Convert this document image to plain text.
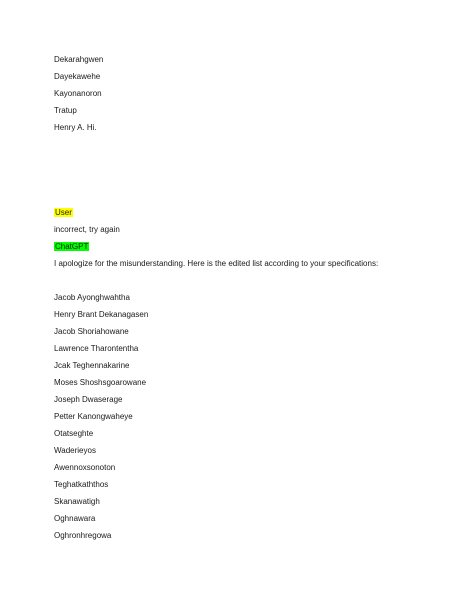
Dekarahgwen
Dayekawehe
Kayonanoron
Tratup
Henry A. Hi.
User
incorrect, try again
ChatGPT
I apologize for the misunderstanding. Here is the edited list according to your specifications:
Jacob Ayonghwahtha
Henry Brant Dekanagasen
Jacob Shoriahowane
Lawrence Tharontentha
Jcak Teghennakarine
Moses Shoshsgoarowane
Joseph Dwaserage
Petter Kanongwaheye
Otatseghte
Waderieyos
Awennoxsonoton
Teghatkaththos
Skanawatigh
Oghnawara
Oghronhregowa
